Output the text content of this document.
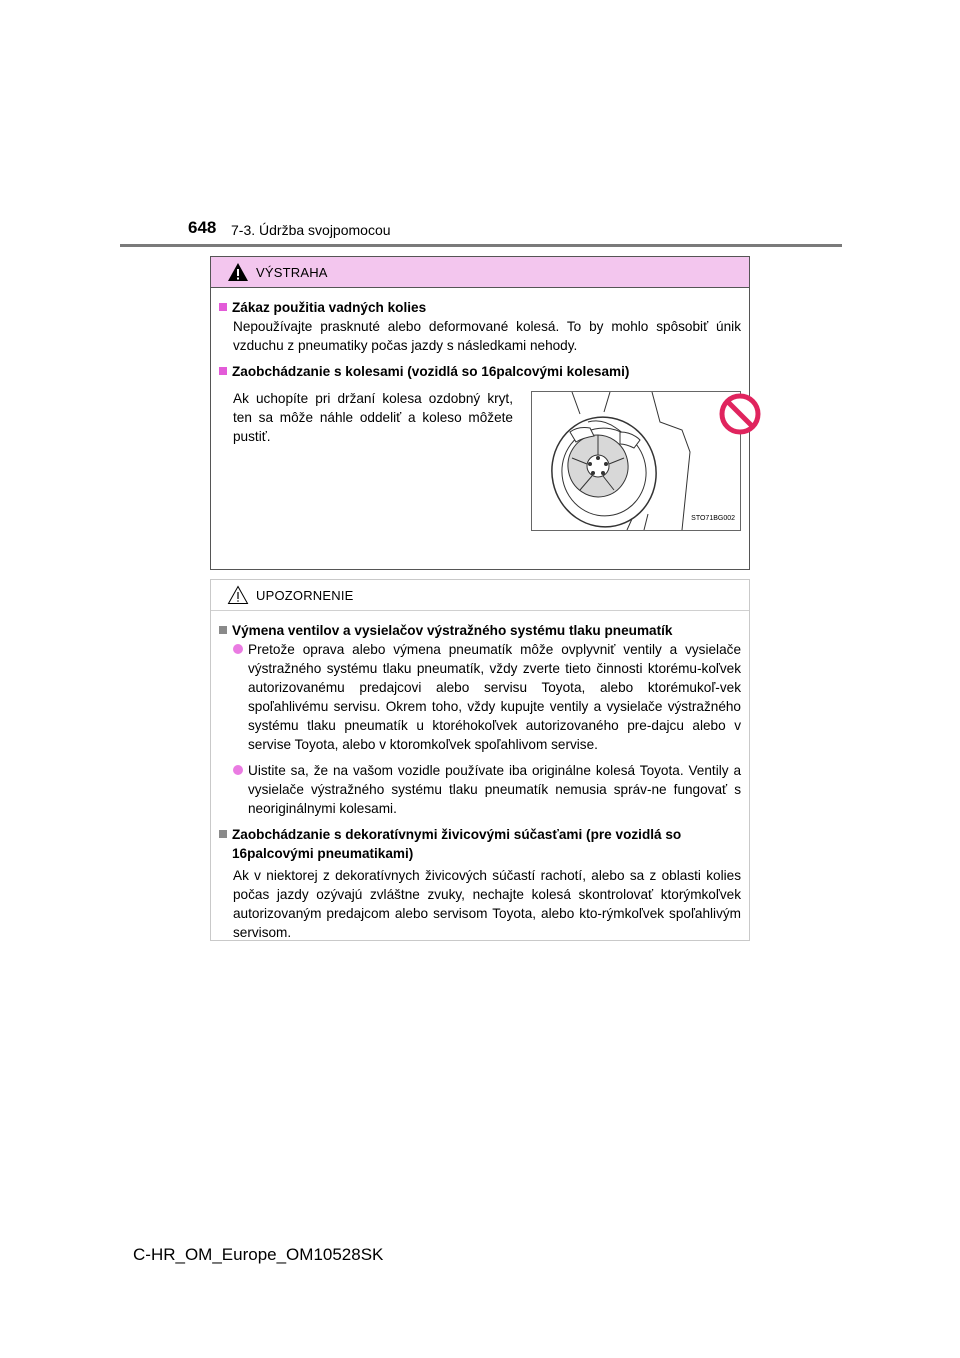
648 7-3. Údržba svojpomocou
VÝSTRAHA
Zákaz použitia vadných kolies
Nepoužívajte prasknuté alebo deformované kolesá. To by mohlo spôsobiť únik vzduchu z pneumatiky počas jazdy s následkami nehody.
Zaobchádzanie s kolesami (vozidlá so 16palcovými kolesami)
Ak uchopíte pri držaní kolesa ozdobný kryt, ten sa môže náhle oddeliť a koleso môžete pustiť.
STO71BG002
UPOZORNENIE
Výmena ventilov a vysielačov výstražného systému tlaku pneumatík
Pretože oprava alebo výmena pneumatík môže ovplyvniť ventily a vysielače výstražného systému tlaku pneumatík, vždy zverte tieto činnosti ktorému-koľvek autorizovanému predajcovi alebo servisu Toyota, alebo ktorémukoľ-vek spoľahlivému servisu. Okrem toho, vždy kupujte ventily a vysielače výstražného systému tlaku pneumatík u ktoréhokoľvek autorizovaného pre-dajcu alebo v servise Toyota, alebo v ktoromkoľvek spoľahlivom servise.
Uistite sa, že na vašom vozidle používate iba originálne kolesá Toyota. Ventily a vysielače výstražného systému tlaku pneumatík nemusia správ-ne fungovať s neoriginálnymi kolesami.
Zaobchádzanie s dekoratívnymi živicovými súčasťami (pre vozidlá so 16palcovými pneumatikami)
Ak v niektorej z dekoratívnych živicových súčastí rachotí, alebo sa z oblasti kolies počas jazdy ozývajú zvláštne zvuky, nechajte kolesá skontrolovať ktorýmkoľvek autorizovaným predajcom alebo servisom Toyota, alebo kto-rýmkoľvek spoľahlivým servisom.
C-HR_OM_Europe_OM10528SK
